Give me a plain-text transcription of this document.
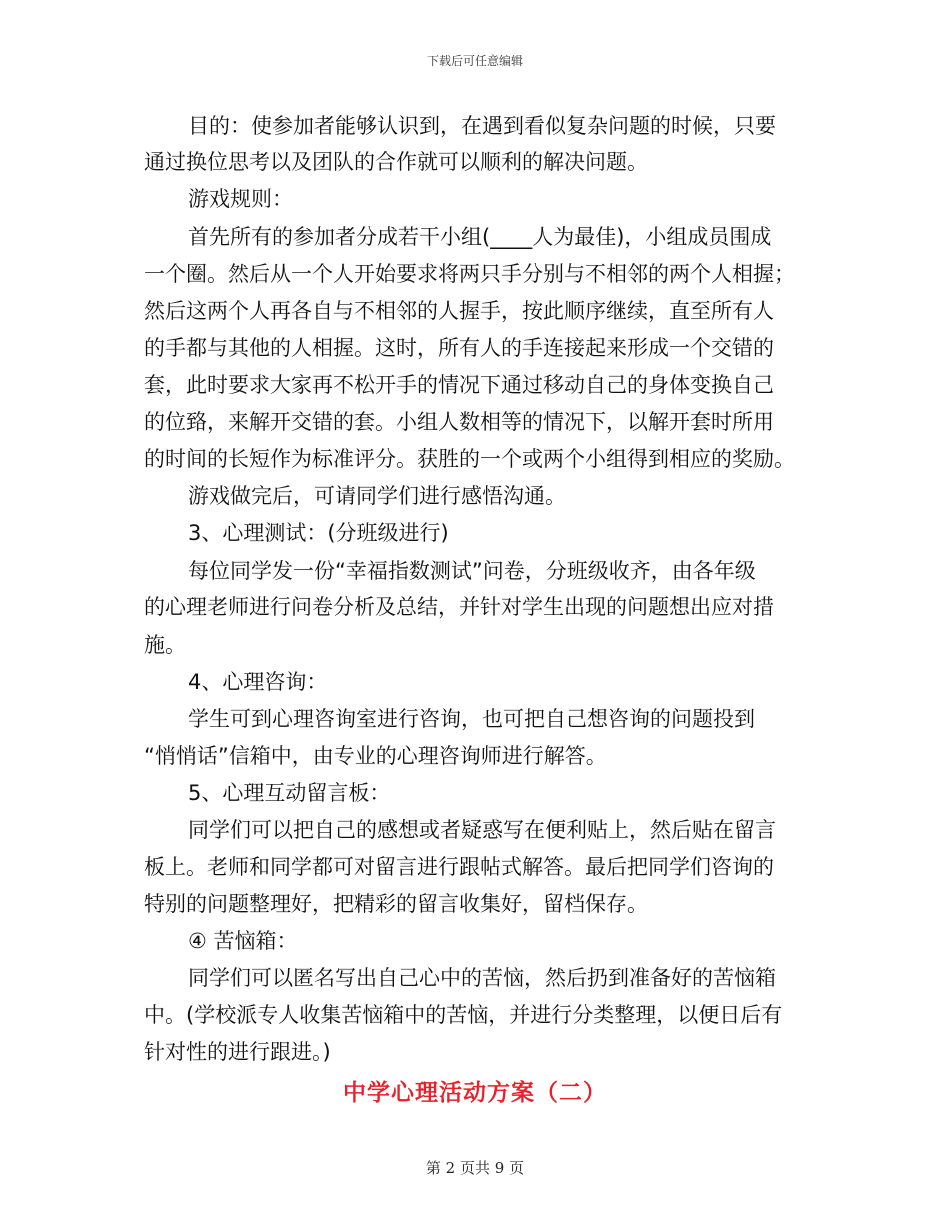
下载后可任意编辑
目的：使参加者能够认识到，在遇到看似复杂问题的时候，只要
通过换位思考以及团队的合作就可以顺利的解决问题。
游戏规则：
首先所有的参加者分成若干小组(____人为最佳)，小组成员围成
一个圈。然后从一个人开始要求将两只手分别与不相邻的两个人相握；
然后这两个人再各自与不相邻的人握手，按此顺序继续，直至所有人
的手都与其他的人相握。这时，所有人的手连接起来形成一个交错的
套，此时要求大家再不松开手的情况下通过移动自己的身体变换自己
的位臵，来解开交错的套。小组人数相等的情况下，以解开套时所用
的时间的长短作为标准评分。获胜的一个或两个小组得到相应的奖励。
游戏做完后，可请同学们进行感悟沟通。
3、心理测试：(分班级进行)
每位同学发一份“幸福指数测试”问卷，分班级收齐，由各年级
的心理老师进行问卷分析及总结，并针对学生出现的问题想出应对措
施。
4、心理咨询：
学生可到心理咨询室进行咨询，也可把自己想咨询的问题投到
“悄悄话”信箱中，由专业的心理咨询师进行解答。
5、心理互动留言板：
同学们可以把自己的感想或者疑惑写在便利贴上，然后贴在留言
板上。老师和同学都可对留言进行跟帖式解答。最后把同学们咨询的
特别的问题整理好，把精彩的留言收集好，留档保存。
④ 苦恼箱：
同学们可以匿名写出自己心中的苦恼，然后扔到准备好的苦恼箱
中。(学校派专人收集苦恼箱中的苦恼，并进行分类整理，以便日后有
针对性的进行跟进。)
中学心理活动方案（二）
第 2 页共 9 页
